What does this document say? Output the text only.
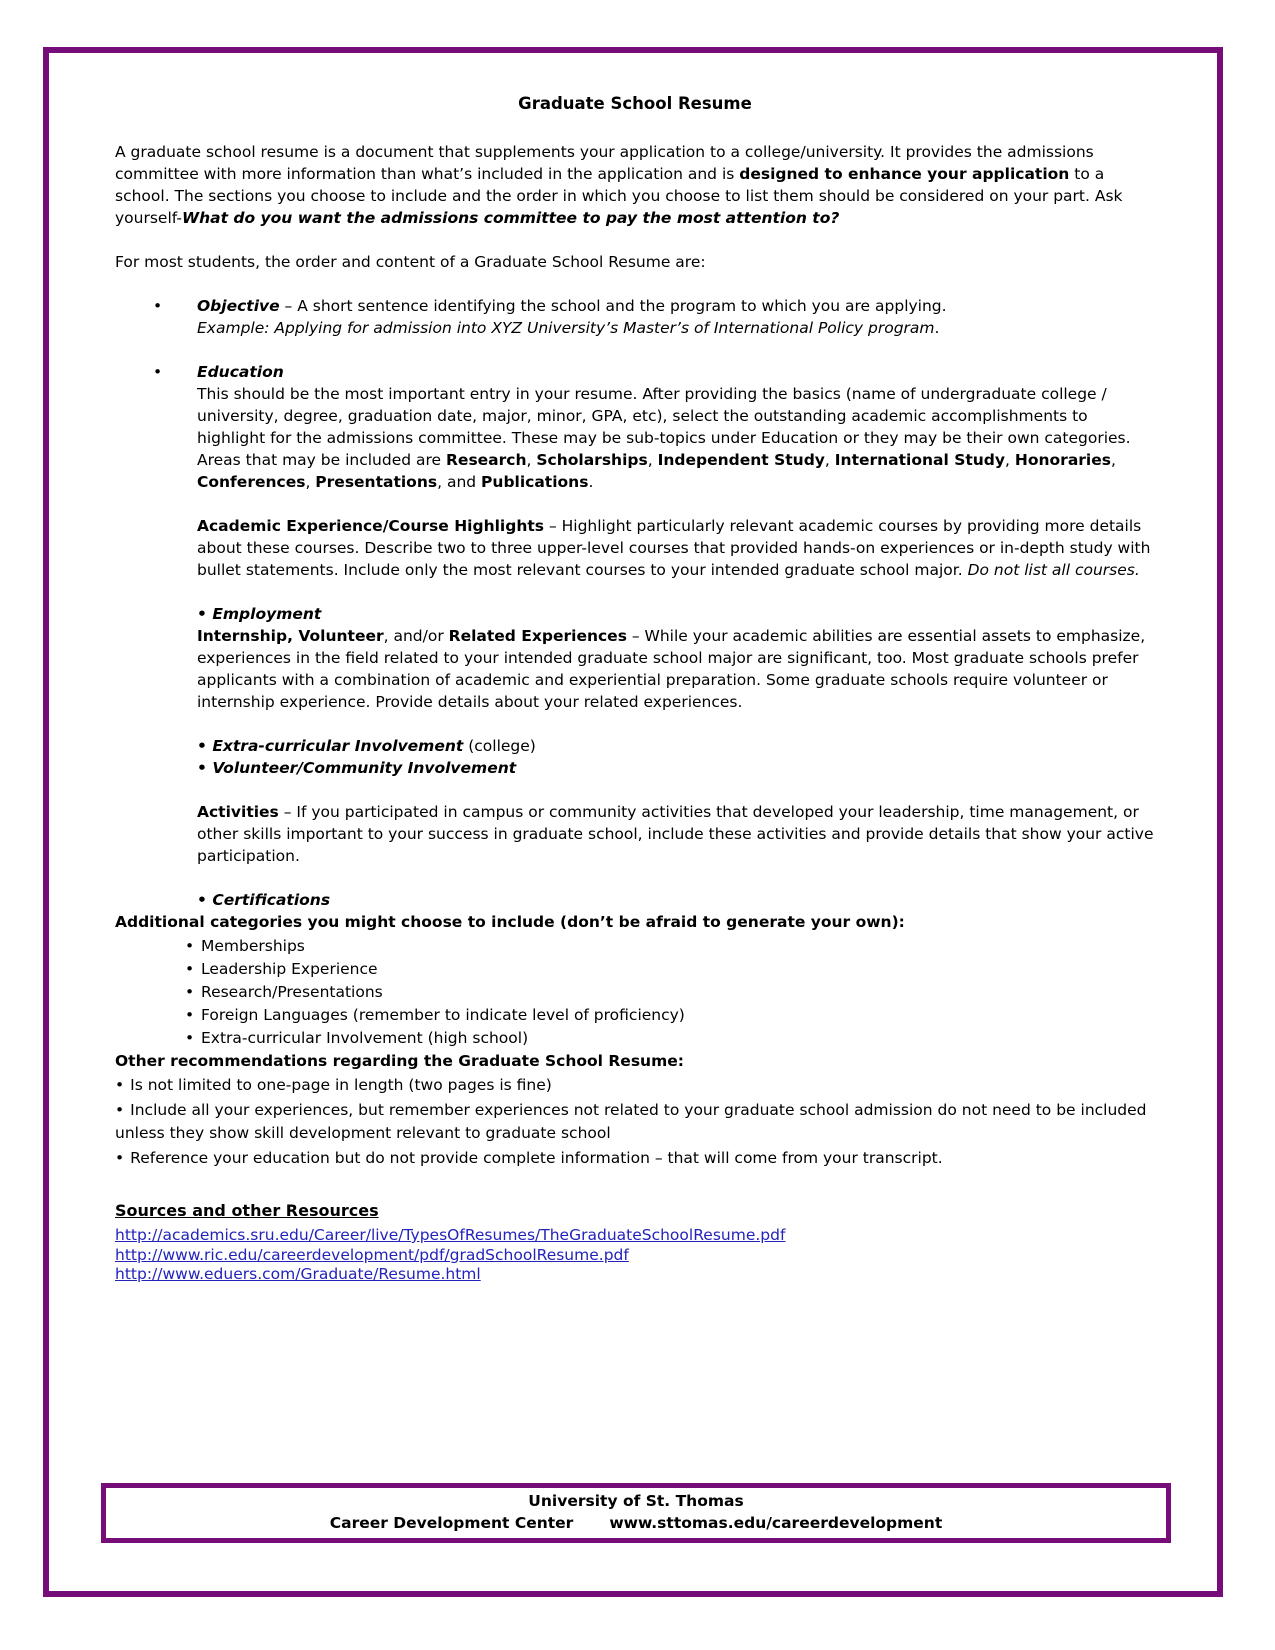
Graduate School Resume

A graduate school resume is a document that supplements your application to a college/university. It provides the admissions committee with more information than what’s included in the application and is designed to enhance your application to a school. The sections you choose to include and the order in which you choose to list them should be considered on your part. Ask yourself-What do you want the admissions committee to pay the most attention to?

For most students, the order and content of a Graduate School Resume are:

•	Objective – A short sentence identifying the school and the program to which you are applying.
Example: Applying for admission into XYZ University’s Master’s of International Policy program.
•	Education
This should be the most important entry in your resume. After providing the basics (name of undergraduate college / university, degree, graduation date, major, minor, GPA, etc), select the outstanding academic accomplishments to highlight for the admissions committee. These may be sub-topics under Education or they may be their own categories. Areas that may be included are Research, Scholarships, Independent Study, International Study, Honoraries, Conferences, Presentations, and Publications.
Academic Experience/Course Highlights – Highlight particularly relevant academic courses by providing more details about these courses. Describe two to three upper-level courses that provided hands-on experiences or in-depth study with bullet statements. Include only the most relevant courses to your intended graduate school major. Do not list all courses.
• Employment
Internship, Volunteer, and/or Related Experiences – While your academic abilities are essential assets to emphasize, experiences in the field related to your intended graduate school major are significant, too. Most graduate schools prefer applicants with a combination of academic and experiential preparation. Some graduate schools require volunteer or internship experience. Provide details about your related experiences.
• Extra-curricular Involvement (college)
• Volunteer/Community Involvement
Activities – If you participated in campus or community activities that developed your leadership, time management, or other skills important to your success in graduate school, include these activities and provide details that show your active participation.
• Certifications
Additional categories you might choose to include (don’t be afraid to generate your own):
• Memberships
• Leadership Experience
• Research/Presentations
• Foreign Languages (remember to indicate level of proficiency)
• Extra-curricular Involvement (high school)
Other recommendations regarding the Graduate School Resume:
• Is not limited to one-page in length (two pages is fine)
• Include all your experiences, but remember experiences not related to your graduate school admission do not need to be included unless they show skill development relevant to graduate school
• Reference your education but do not provide complete information – that will come from your transcript.
Sources and other Resources
http://academics.sru.edu/Career/live/TypesOfResumes/TheGraduateSchoolResume.pdf
http://www.ric.edu/careerdevelopment/pdf/gradSchoolResume.pdf
http://www.eduers.com/Graduate/Resume.html
University of St. Thomas
Career Development Center www.sttomas.edu/careerdevelopment
